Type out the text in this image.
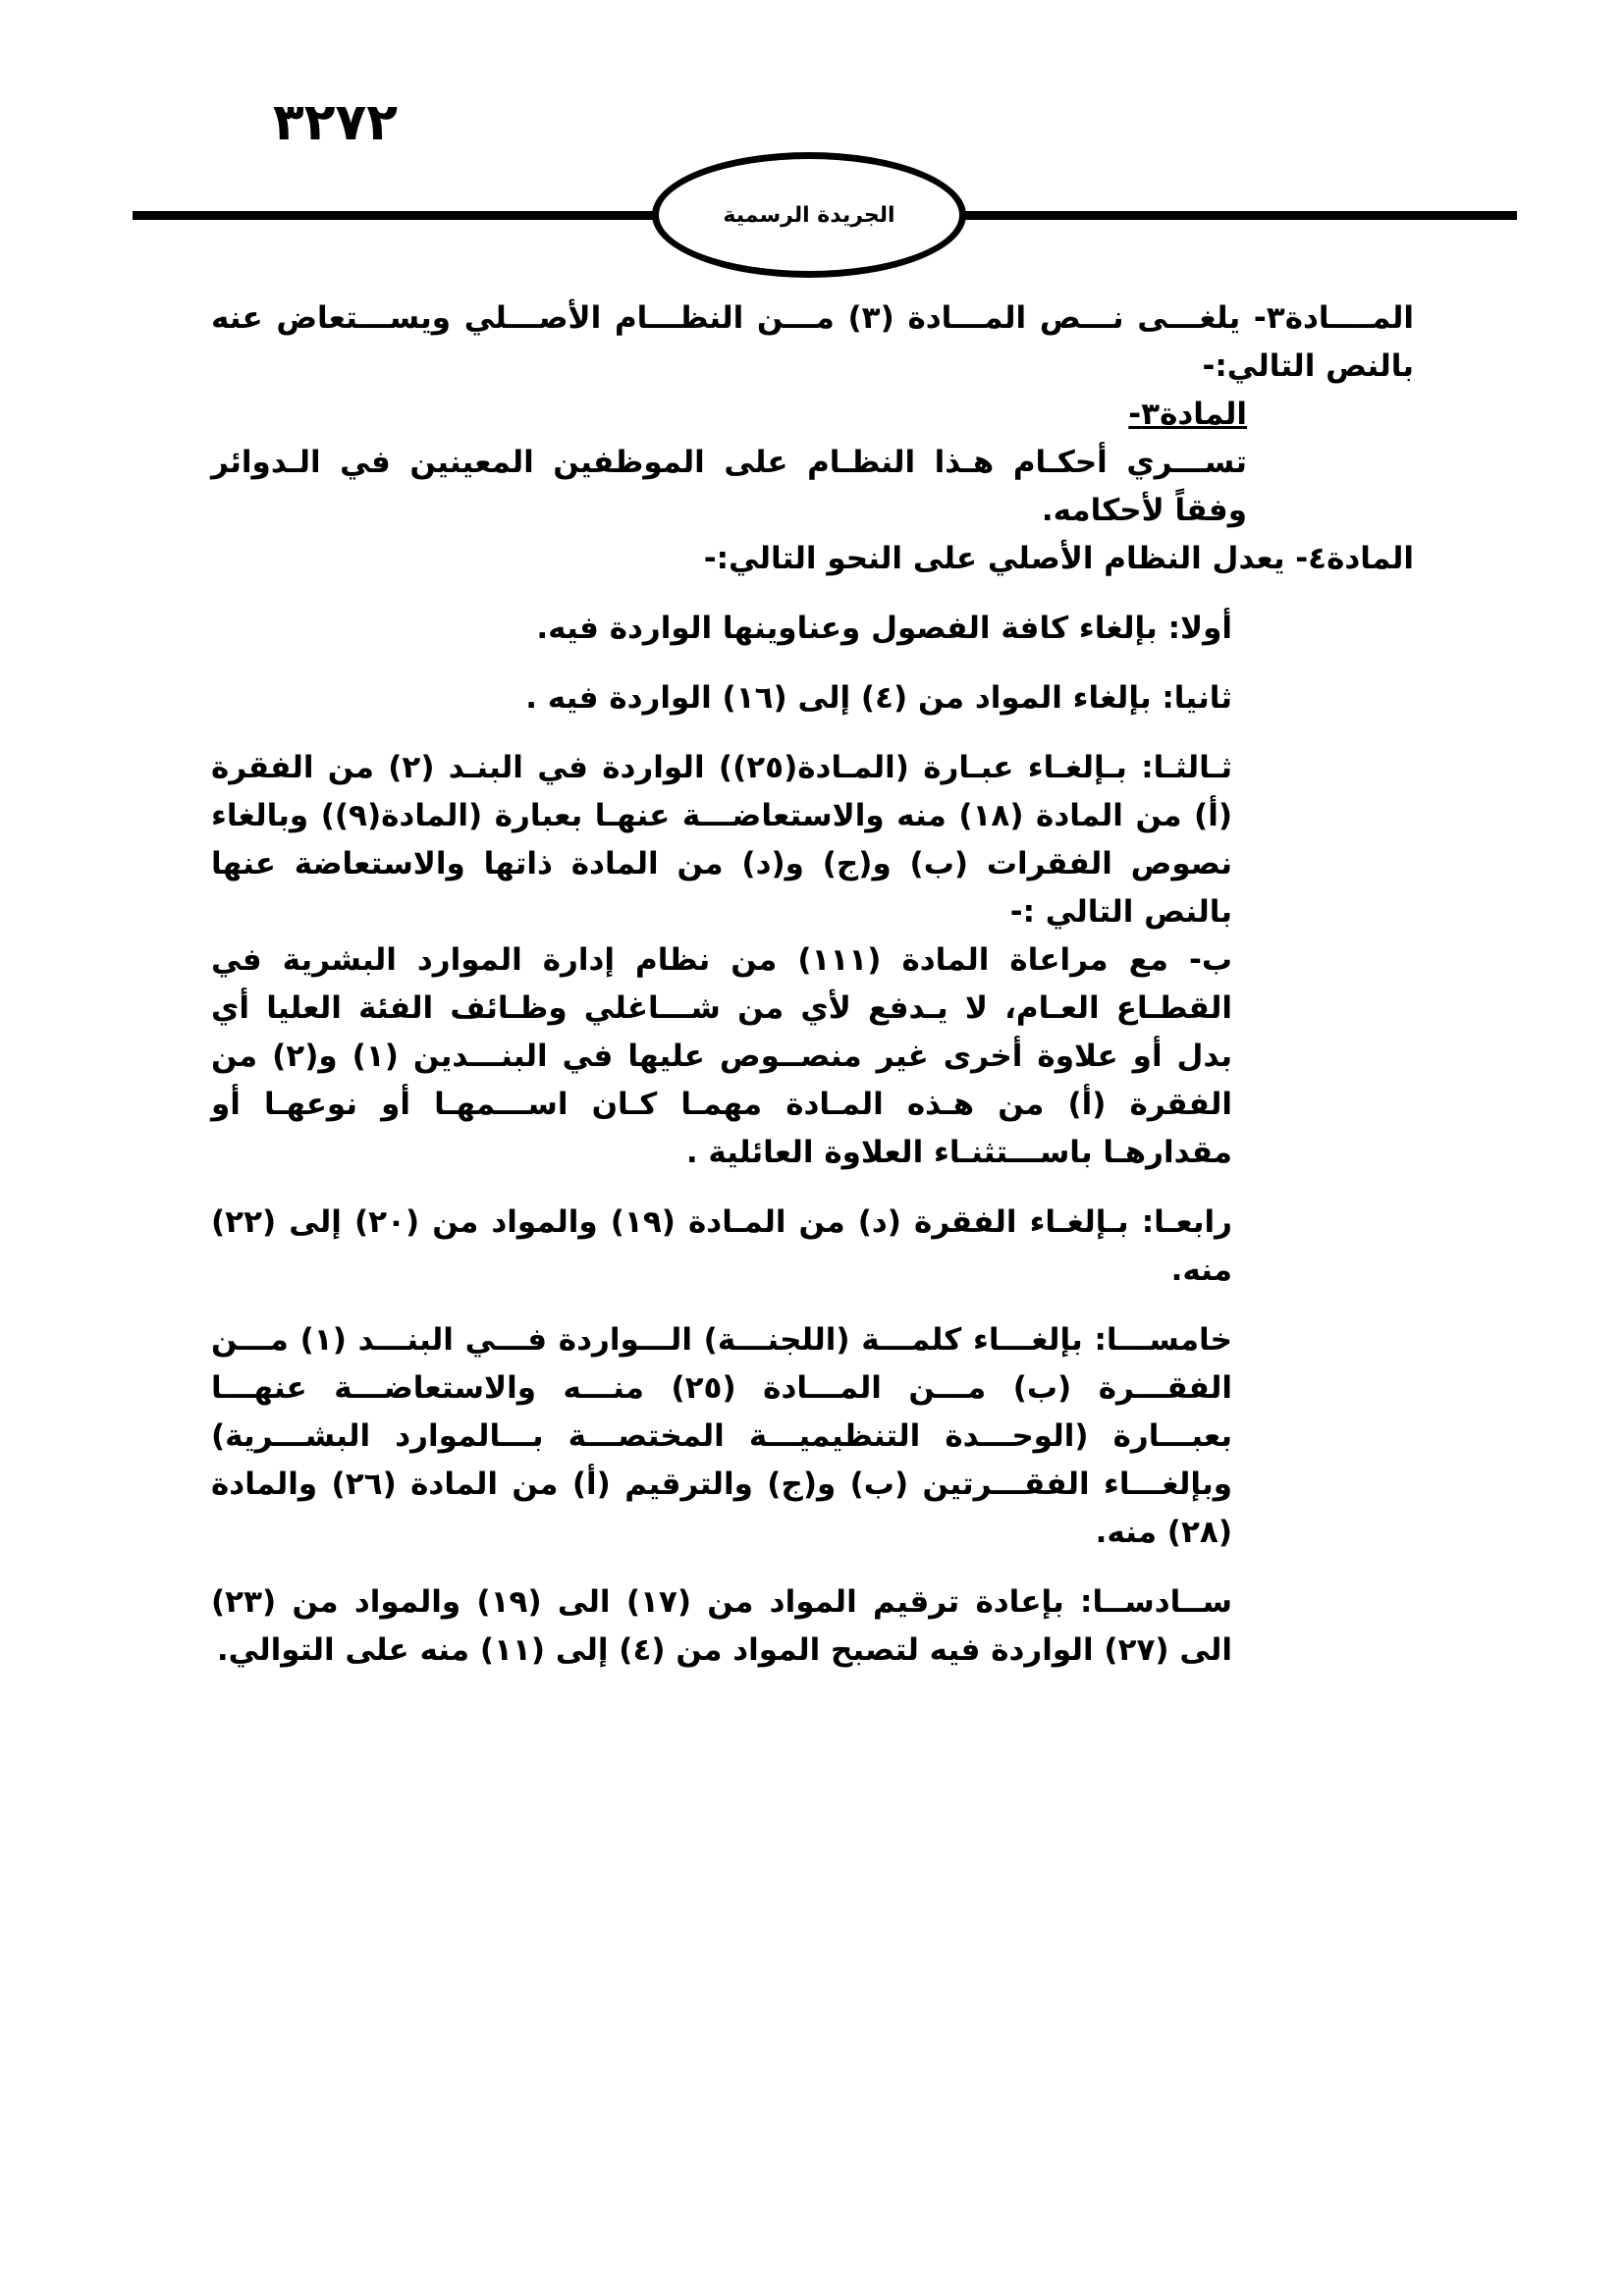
٣٢٧٢
الجريدة الرسمية

المــــادة٣- يلغـــى نـــص المـــادة (٣) مـــن النظـــام الأصـــلي ويســـتعاض عنه بالنص التالي:-

المادة٣-

تســـري أحكـام هـذا النظـام على الموظفين المعينين في الـدوائر وفقاً لأحكامه.

المادة٤- يعدل النظام الأصلي على النحو التالي:-

أولا: بإلغاء كافة الفصول وعناوينها الواردة فيه.

ثانيا: بإلغاء المواد من (٤) إلى (١٦) الواردة فيه .

ثـالثـا: بـإلغـاء عبـارة (المـادة(٢٥)) الواردة في البنـد (٢) من الفقرة (أ) من المادة (١٨) منه والاستعاضـــة عنهـا بعبارة (المادة(٩)) وبالغاء نصوص الفقرات (ب) و(ج) و(د) من المادة ذاتها والاستعاضة عنها بالنص التالي :-

ب- مع مراعاة المادة (١١١) من نظام إدارة الموارد البشرية في القطـاع العـام، لا يـدفع لأي من شـــاغلي وظـائف الفئة العليا أي بدل أو علاوة أخرى غير منصــوص عليها في البنـــدين (١) و(٢) من الفقرة (أ) من هـذه المـادة مهمـا كـان اســـمهـا أو نوعهـا أو مقدارهـا باســـتثنـاء العلاوة العائلية .

رابعـا: بـإلغـاء الفقرة (د) من المـادة (١٩) والمواد من (٢٠) إلى (٢٢) منه.

خامســـا: بإلغـــاء كلمـــة (اللجنـــة) الـــواردة فـــي البنـــد (١) مـــن الفقـــرة (ب) مـــن المـــادة (٢٥) منـــه والاستعاضـــة عنهـــا بعبـــارة (الوحـــدة التنظيميـــة المختصـــة بـــالموارد البشـــرية) وبإلغـــاء الفقـــرتين (ب) و(ج) والترقيم (أ) من المادة (٢٦) والمادة (٢٨) منه.

ســادســا: بإعادة ترقيم المواد من (١٧) الى (١٩) والمواد من (٢٣) الى (٢٧) الواردة فيه لتصبح المواد من (٤) إلى (١١) منه على التوالي.
